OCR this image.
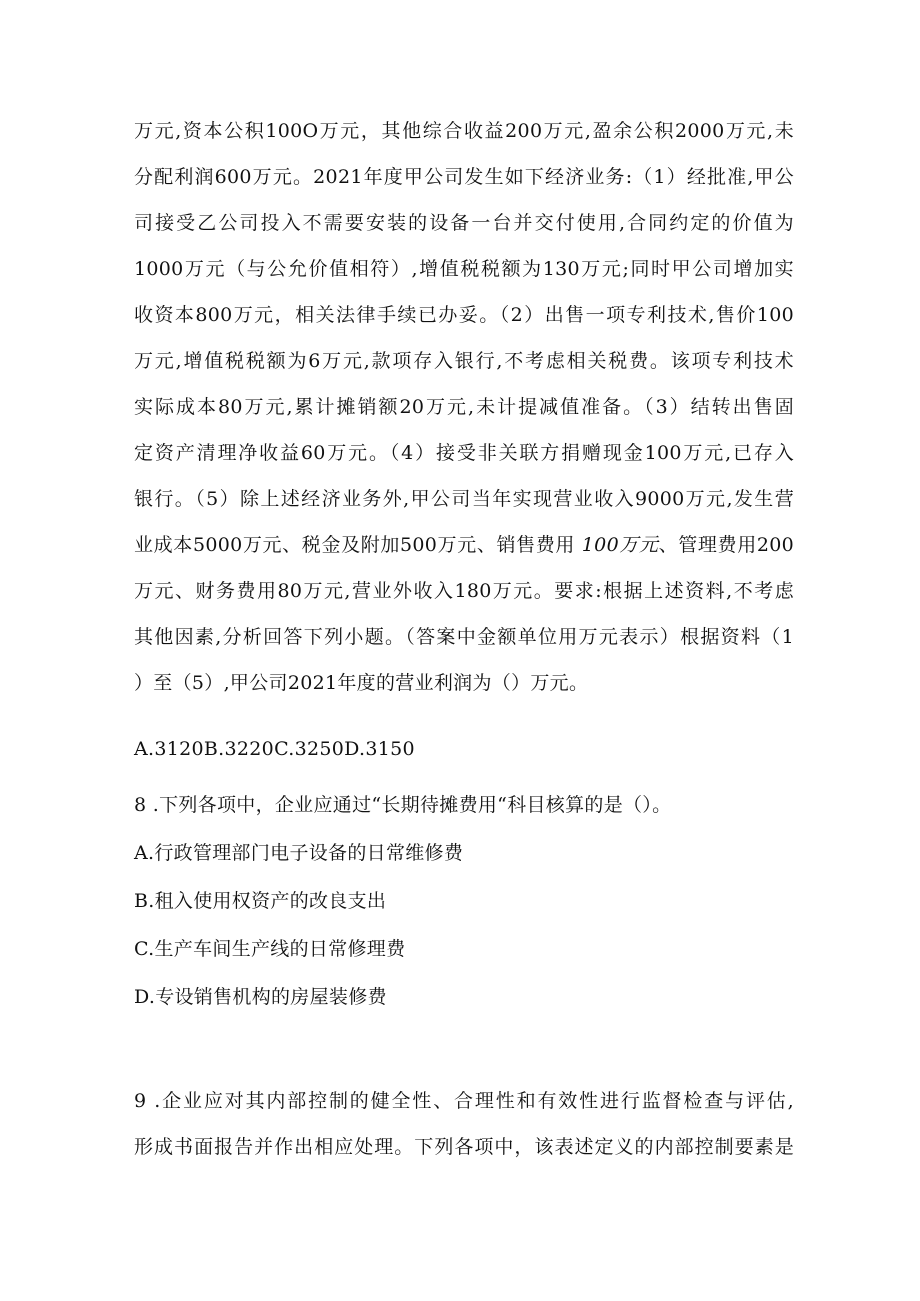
万元,资本公积100O万元，其他综合收益200万元,盈余公积2000万元,未
分配利润600万元。2021年度甲公司发生如下经济业务:（1）经批准,甲公
司接受乙公司投入不需要安装的设备一台并交付使用,合同约定的价值为
1000万元（与公允价值相符）,增值税税额为130万元;同时甲公司增加实
收资本800万元，相关法律手续已办妥。（2）出售一项专利技术,售价100
万元,增值税税额为6万元,款项存入银行,不考虑相关税费。该项专利技术
实际成本80万元,累计摊销额20万元,未计提减值准备。（3）结转出售固
定资产清理净收益60万元。（4）接受非关联方捐赠现金100万元,已存入
银行。（5）除上述经济业务外,甲公司当年实现营业收入9000万元,发生营
业成本5000万元、税金及附加500万元、销售费用 100万元、管理费用200
万元、财务费用80万元,营业外收入180万元。要求:根据上述资料,不考虑
其他因素,分析回答下列小题。（答案中金额单位用万元表示）根据资料（1
）至（5）,甲公司2021年度的营业利润为（）万元。
A.3120B.3220C.3250D.3150
8 .下列各项中，企业应通过“长期待摊费用“科目核算的是（）。
A.行政管理部门电子设备的日常维修费
B.租入使用权资产的改良支出
C.生产车间生产线的日常修理费
D.专设销售机构的房屋装修费
9 .企业应对其内部控制的健全性、合理性和有效性进行监督检查与评估,
形成书面报告并作出相应处理。下列各项中，该表述定义的内部控制要素是
